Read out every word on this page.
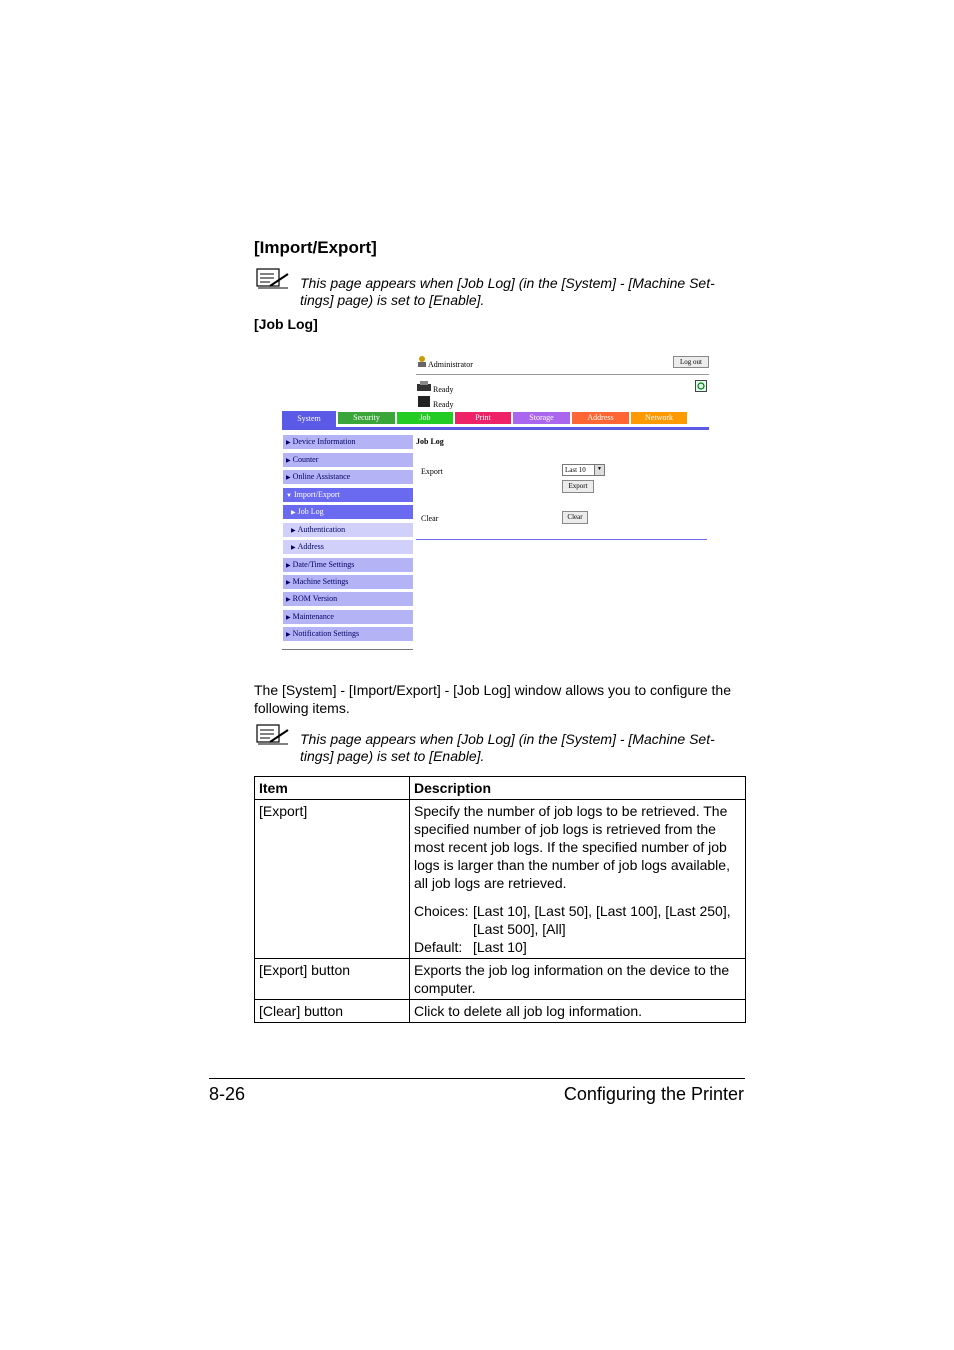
[Import/Export]
This page appears when [Job Log] (in the [System] - [Machine Set-tings] page) is set to [Enable].
[Job Log]
Administrator	Log out
Ready
Ready
System	Security	Job	Print	Storage	Address	Network
▶ Device Information
▶ Counter
▶ Online Assistance
▼ Import/Export
▶ Job Log
▶ Authentication
▶ Address
▶ Date/Time Settings
▶ Machine Settings
▶ ROM Version
▶ Maintenance
▶ Notification Settings
Job Log
Export	Last 10	▼
Export
Clear	Clear
The [System] - [Import/Export] - [Job Log] window allows you to configure the following items.
This page appears when [Job Log] (in the [System] - [Machine Set-tings] page) is set to [Enable].
Item	Description
[Export]	Specify the number of job logs to be retrieved. The specified number of job logs is retrieved from the most recent job logs. If the specified number of job logs is larger than the number of job logs available, all job logs are retrieved.
Choices: [Last 10], [Last 50], [Last 100], [Last 250], [Last 500], [All]
Default: [Last 10]

[Export] button	Exports the job log information on the device to the computer.
[Clear] button	Click to delete all job log information.
8-26	Configuring the Printer
